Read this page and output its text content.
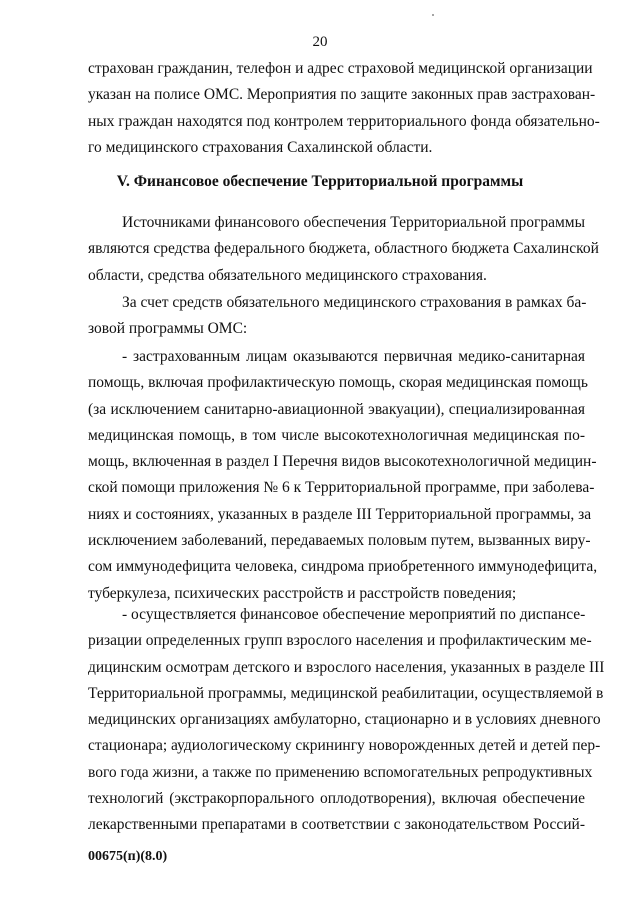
20
страхован гражданин, телефон и адрес страховой медицинской организации
указан на полисе ОМС. Мероприятия по защите законных прав застрахован-
ных граждан находятся под контролем территориального фонда обязательно-
го медицинского страхования Сахалинской области.
V. Финансовое обеспечение Территориальной программы
Источниками финансового обеспечения Территориальной программы
являются средства федерального бюджета, областного бюджета Сахалинской
области, средства обязательного медицинского страхования.
За счет средств обязательного медицинского страхования в рамках ба-
зовой программы ОМС:
- застрахованным лицам оказываются первичная медико-санитарная
помощь, включая профилактическую помощь, скорая медицинская помощь
(за исключением санитарно-авиационной эвакуации), специализированная
медицинская помощь, в том числе высокотехнологичная медицинская по-
мощь, включенная в раздел I Перечня видов высокотехнологичной медицин-
ской помощи приложения № 6 к Территориальной программе, при заболева-
ниях и состояниях, указанных в разделе III Территориальной программы, за
исключением заболеваний, передаваемых половым путем, вызванных виру-
сом иммунодефицита человека, синдрома приобретенного иммунодефицита,
туберкулеза, психических расстройств и расстройств поведения;
- осуществляется финансовое обеспечение мероприятий по диспансе-
ризации определенных групп взрослого населения и профилактическим ме-
дицинским осмотрам детского и взрослого населения, указанных в разделе III
Территориальной программы, медицинской реабилитации, осуществляемой в
медицинских организациях амбулаторно, стационарно и в условиях дневного
стационара; аудиологическому скринингу новорожденных детей и детей пер-
вого года жизни, а также по применению вспомогательных репродуктивных
технологий (экстракорпорального оплодотворения), включая обеспечение
лекарственными препаратами в соответствии с законодательством Россий-
00675(п)(8.0)
